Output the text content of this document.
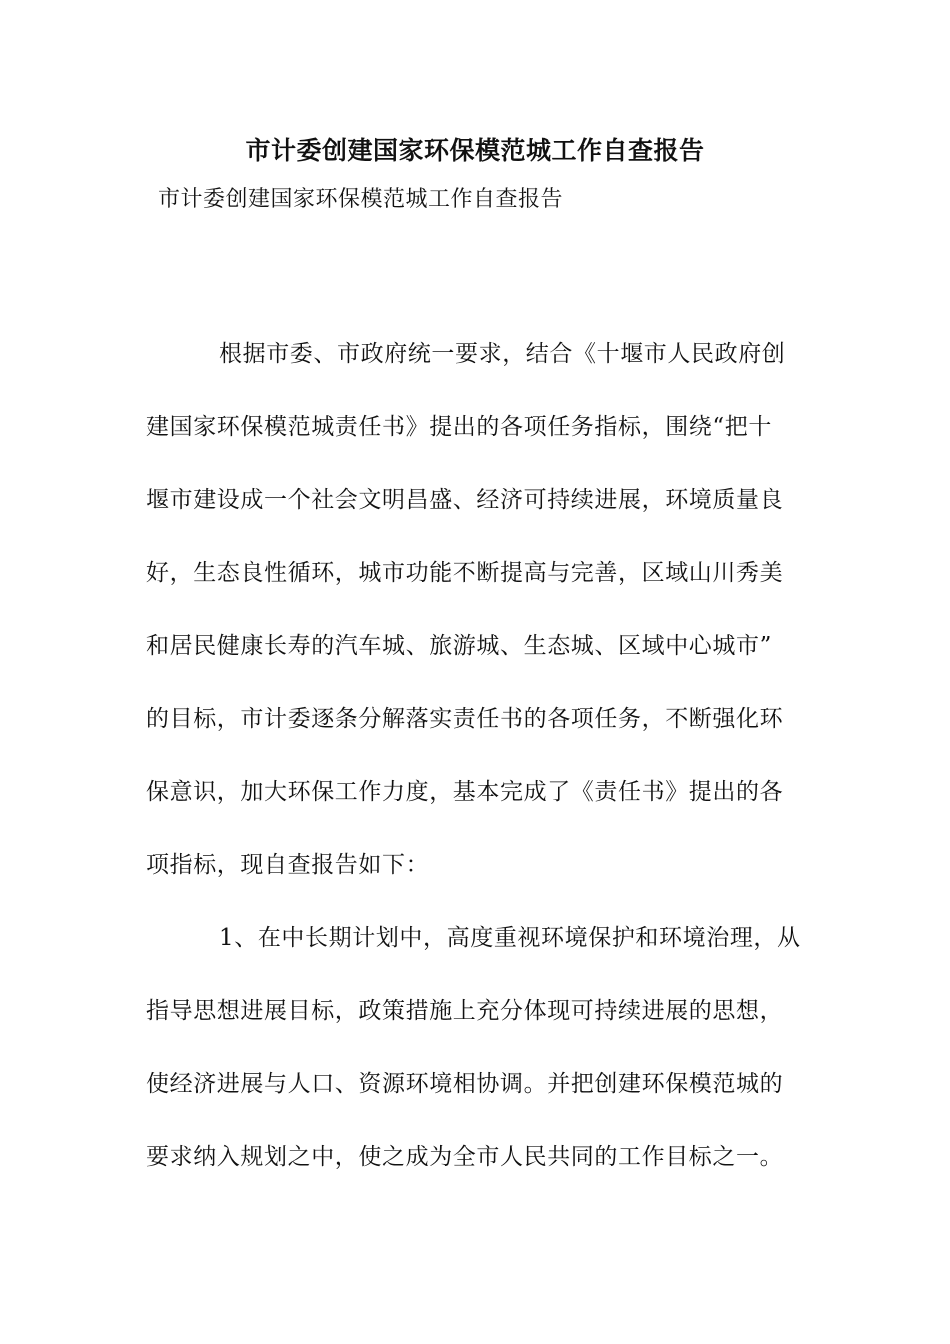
市计委创建国家环保模范城工作自查报告
市计委创建国家环保模范城工作自查报告
根据市委、市政府统一要求，结合《十堰市人民政府创
建国家环保模范城责任书》提出的各项任务指标，围绕“把十
堰市建设成一个社会文明昌盛、经济可持续进展，环境质量良
好，生态良性循环，城市功能不断提高与完善，区域山川秀美
和居民健康长寿的汽车城、旅游城、生态城、区域中心城市”
的目标，市计委逐条分解落实责任书的各项任务，不断强化环
保意识，加大环保工作力度，基本完成了《责任书》提出的各
项指标，现自查报告如下：
1、在中长期计划中，高度重视环境保护和环境治理，从
指导思想进展目标，政策措施上充分体现可持续进展的思想，
使经济进展与人口、资源环境相协调。并把创建环保模范城的
要求纳入规划之中，使之成为全市人民共同的工作目标之一。
